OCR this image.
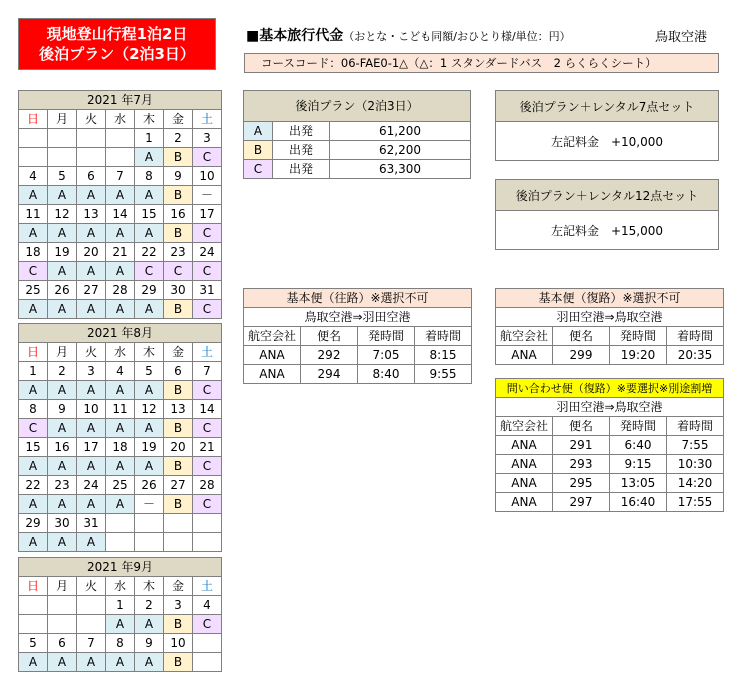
現地登山行程1泊2日
後泊プラン（2泊3日）
■基本旅行代金（おとな・こども同額/おひとり様/単位：円）	鳥取空港
コースコード：06-FAE0-1△（△：1 スタンダードバス　2 らくらくシート）
2021 年7月						
日	月	火	水	木	金	土
				1	2	3
				A	B	C
4	5	6	7	8	9	10
A	A	A	A	A	B	－
11	12	13	14	15	16	17
A	A	A	A	A	B	C
18	19	20	21	22	23	24
C	A	A	A	C	C	C
25	26	27	28	29	30	31
A	A	A	A	A	B	C
2021 年8月						
日	月	火	水	木	金	土
1	2	3	4	5	6	7
A	A	A	A	A	B	C
8	9	10	11	12	13	14
C	A	A	A	A	B	C
15	16	17	18	19	20	21
A	A	A	A	A	B	C
22	23	24	25	26	27	28
A	A	A	A	－	B	C
29	30	31				
A	A	A				
2021 年9月						
日	月	火	水	木	金	土
			1	2	3	4
			A	A	B	C
5	6	7	8	9	10	
A	A	A	A	A	B	
後泊プラン（2泊3日）		
A	出発	61,200
B	出発	62,200
C	出発	63,300
後泊プラン＋レンタル7点セット
左記料金　+10,000
後泊プラン＋レンタル12点セット
左記料金　+15,000
基本便（往路）※選択不可			
鳥取空港⇒羽田空港			
航空会社	便名	発時間	着時間
ANA	292	7:05	8:15
ANA	294	8:40	9:55
基本便（復路）※選択不可			
羽田空港⇒鳥取空港			
航空会社	便名	発時間	着時間
ANA	299	19:20	20:35
問い合わせ便（復路）※要選択※別途割増			
羽田空港⇒鳥取空港			
航空会社	便名	発時間	着時間
ANA	291	6:40	7:55
ANA	293	9:15	10:30
ANA	295	13:05	14:20
ANA	297	16:40	17:55
